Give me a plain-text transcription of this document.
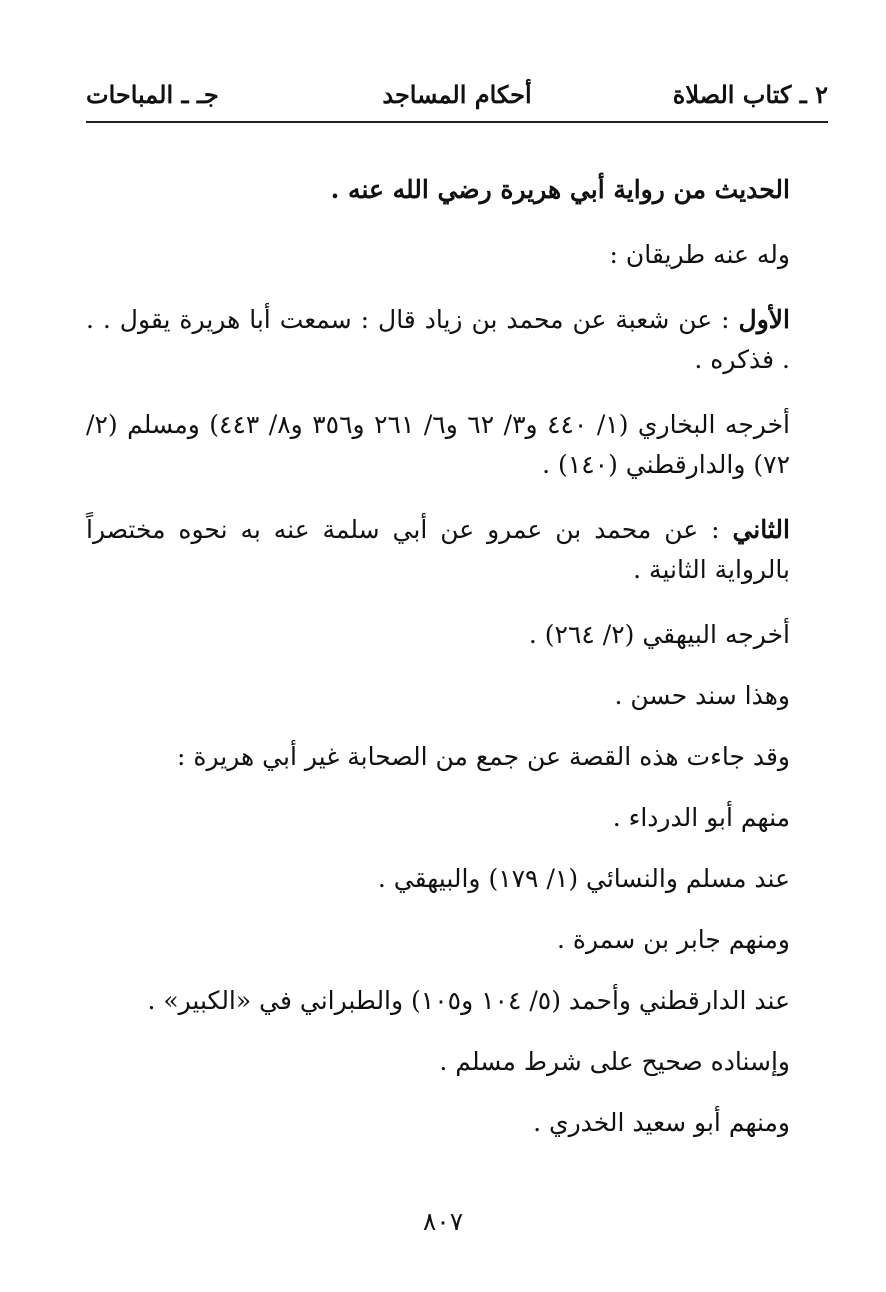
٢ ـ كتاب الصلاة
أحكام المساجد
جـ ـ المباحات

الحديث من رواية أبي هريرة رضي الله عنه .

وله عنه طريقان :

الأول : عن شعبة عن محمد بن زياد قال : سمعت أبا هريرة يقول . . . فذكره .

أخرجه البخاري (١/ ٤٤٠ و٣/ ٦٢ و٦/ ٢٦١ و٣٥٦ و٨/ ٤٤٣) ومسلم (٢/ ٧٢) والدارقطني (١٤٠) .

الثاني : عن محمد بن عمرو عن أبي سلمة عنه به نحوه مختصراً بالرواية الثانية .

أخرجه البيهقي (٢/ ٢٦٤) .

وهذا سند حسن .

وقد جاءت هذه القصة عن جمع من الصحابة غير أبي هريرة :

منهم أبو الدرداء .

عند مسلم والنسائي (١/ ١٧٩) والبيهقي .

ومنهم جابر بن سمرة .

عند الدارقطني وأحمد (٥/ ١٠٤ و١٠٥) والطبراني في «الكبير» .

وإسناده صحيح على شرط مسلم .

ومنهم أبو سعيد الخدري .

٨٠٧
